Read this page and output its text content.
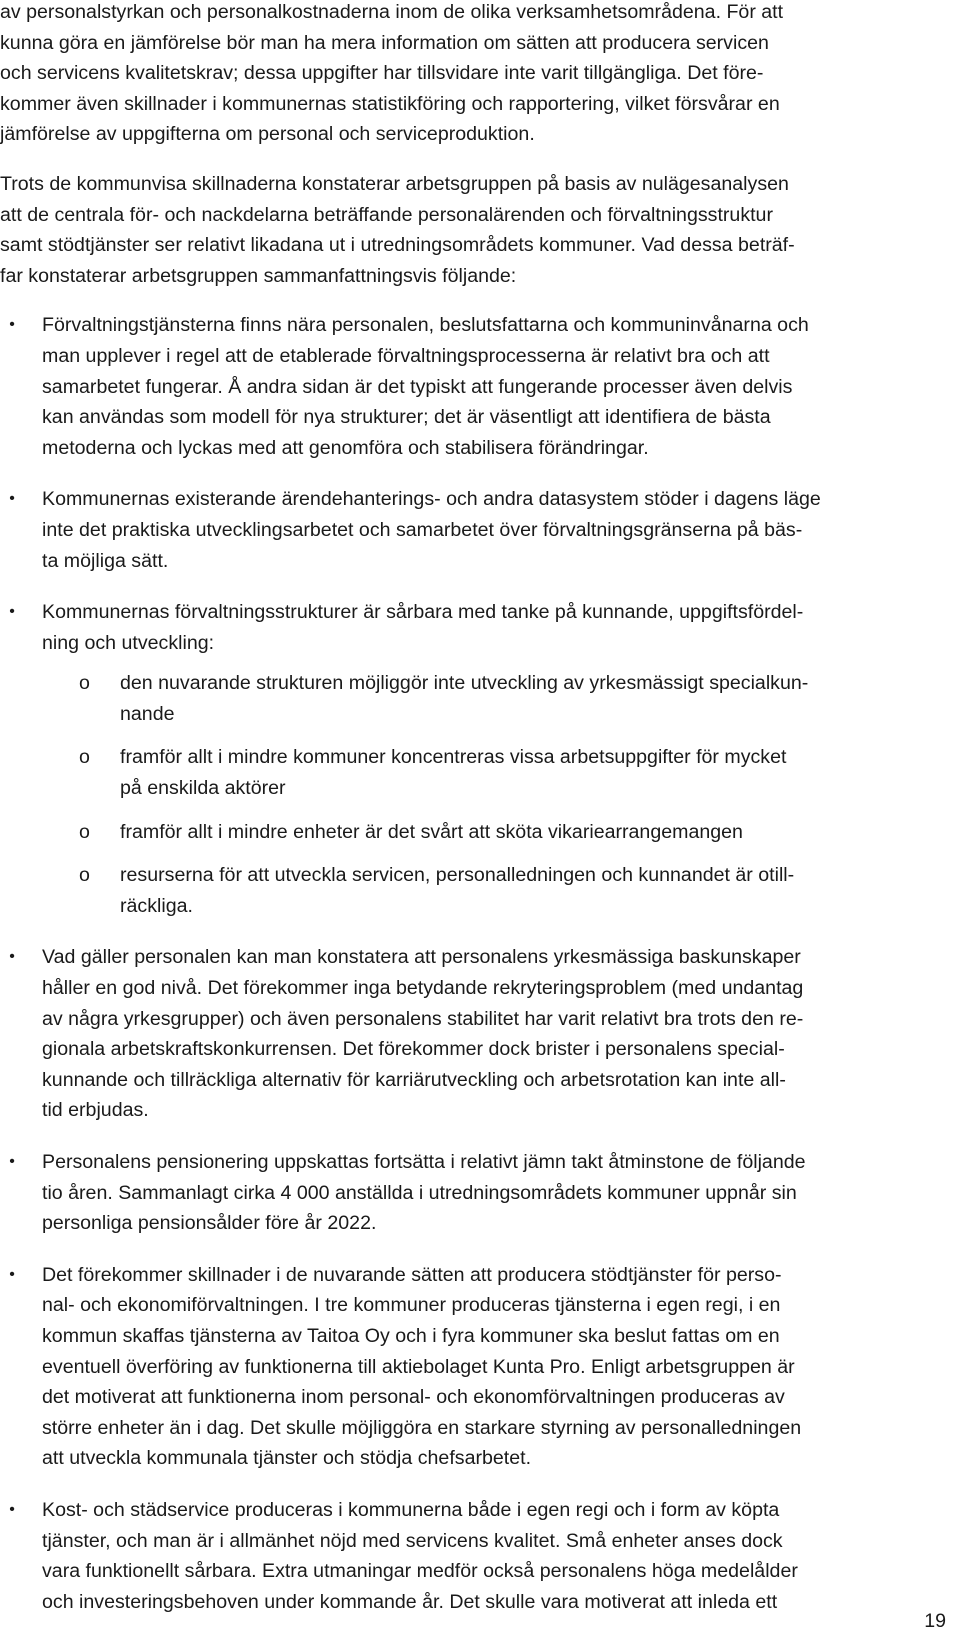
av personalstyrkan och personalkostnaderna inom de olika verksamhetsområdena. För att
kunna göra en jämförelse bör man ha mera information om sätten att producera servicen
och servicens kvalitetskrav; dessa uppgifter har tillsvidare inte varit tillgängliga. Det före-
kommer även skillnader i kommunernas statistikföring och rapportering, vilket försvårar en
jämförelse av uppgifterna om personal och serviceproduktion.

Trots de kommunvisa skillnaderna konstaterar arbetsgruppen på basis av nulägesanalysen
att de centrala för- och nackdelarna beträffande personalärenden och förvaltningsstruktur
samt stödtjänster ser relativt likadana ut i utredningsområdets kommuner. Vad dessa beträf-
far konstaterar arbetsgruppen sammanfattningsvis följande:

•	Förvaltningstjänsterna finns nära personalen, beslutsfattarna och kommuninvånarna och
man upplever i regel att de etablerade förvaltningsprocesserna är relativt bra och att
samarbetet fungerar. Å andra sidan är det typiskt att fungerande processer även delvis
kan användas som modell för nya strukturer; det är väsentligt att identifiera de bästa
metoderna och lyckas med att genomföra och stabilisera förändringar.
•	Kommunernas existerande ärendehanterings- och andra datasystem stöder i dagens läge
inte det praktiska utvecklingsarbetet och samarbetet över förvaltningsgränserna på bäs-
ta möjliga sätt.
•	Kommunernas förvaltningsstrukturer är sårbara med tanke på kunnande, uppgiftsfördel-
ning och utveckling:
o den nuvarande strukturen möjliggör inte utveckling av yrkesmässigt specialkun-
nande
o framför allt i mindre kommuner koncentreras vissa arbetsuppgifter för mycket
på enskilda aktörer
o framför allt i mindre enheter är det svårt att sköta vikariearrangemangen
o resurserna för att utveckla servicen, personalledningen och kunnandet är otill-
räckliga.
•	Vad gäller personalen kan man konstatera att personalens yrkesmässiga baskunskaper
håller en god nivå. Det förekommer inga betydande rekryteringsproblem (med undantag
av några yrkesgrupper) och även personalens stabilitet har varit relativt bra trots den re-
gionala arbetskraftskonkurrensen. Det förekommer dock brister i personalens special-
kunnande och tillräckliga alternativ för karriärutveckling och arbetsrotation kan inte all-
tid erbjudas.
•	Personalens pensionering uppskattas fortsätta i relativt jämn takt åtminstone de följande
tio åren. Sammanlagt cirka 4 000 anställda i utredningsområdets kommuner uppnår sin
personliga pensionsålder före år 2022.
•	Det förekommer skillnader i de nuvarande sätten att producera stödtjänster för perso-
nal- och ekonomiförvaltningen. I tre kommuner produceras tjänsterna i egen regi, i en
kommun skaffas tjänsterna av Taitoa Oy och i fyra kommuner ska beslut fattas om en
eventuell överföring av funktionerna till aktiebolaget Kunta Pro. Enligt arbetsgruppen är
det motiverat att funktionerna inom personal- och ekonomförvaltningen produceras av
större enheter än i dag. Det skulle möjliggöra en starkare styrning av personalledningen
att utveckla kommunala tjänster och stödja chefsarbetet.
•	Kost- och städservice produceras i kommunerna både i egen regi och i form av köpta
tjänster, och man är i allmänhet nöjd med servicens kvalitet. Små enheter anses dock
vara funktionellt sårbara. Extra utmaningar medför också personalens höga medelålder
och investeringsbehoven under kommande år. Det skulle vara motiverat att inleda ett
19
